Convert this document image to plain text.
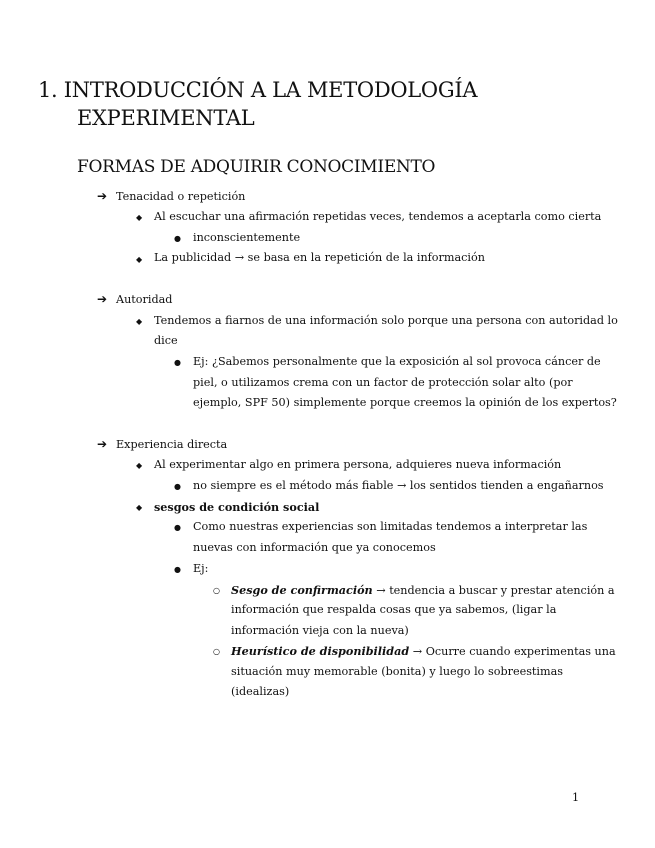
1. INTRODUCCIÓN A LA METODOLOGÍA
EXPERIMENTAL
FORMAS DE ADQUIRIR CONOCIMIENTO
➔ Tenacidad o repetición
◆ Al escuchar una afirmación repetidas veces, tendemos a aceptarla como cierta
● inconscientemente
◆ La publicidad → se basa en la repetición de la información
➔ Autoridad
◆ Tendemos a fiarnos de una información solo porque una persona con autoridad lo
dice
● Ej: ¿Sabemos personalmente que la exposición al sol provoca cáncer de
piel, o utilizamos crema con un factor de protección solar alto (por
ejemplo, SPF 50) simplemente porque creemos la opinión de los expertos?
➔ Experiencia directa
◆ Al experimentar algo en primera persona, adquieres nueva información
● no siempre es el método más fiable → los sentidos tienden a engañarnos
◆ sesgos de condición social
● Como nuestras experiencias son limitadas tendemos a interpretar las
nuevas con información que ya conocemos
● Ej:
○ Sesgo de confirmación → tendencia a buscar y prestar atención a
información que respalda cosas que ya sabemos, (ligar la
información vieja con la nueva)
○ Heurístico de disponibilidad → Ocurre cuando experimentas una
situación muy memorable (bonita) y luego lo sobreestimas
(idealizas)
1
